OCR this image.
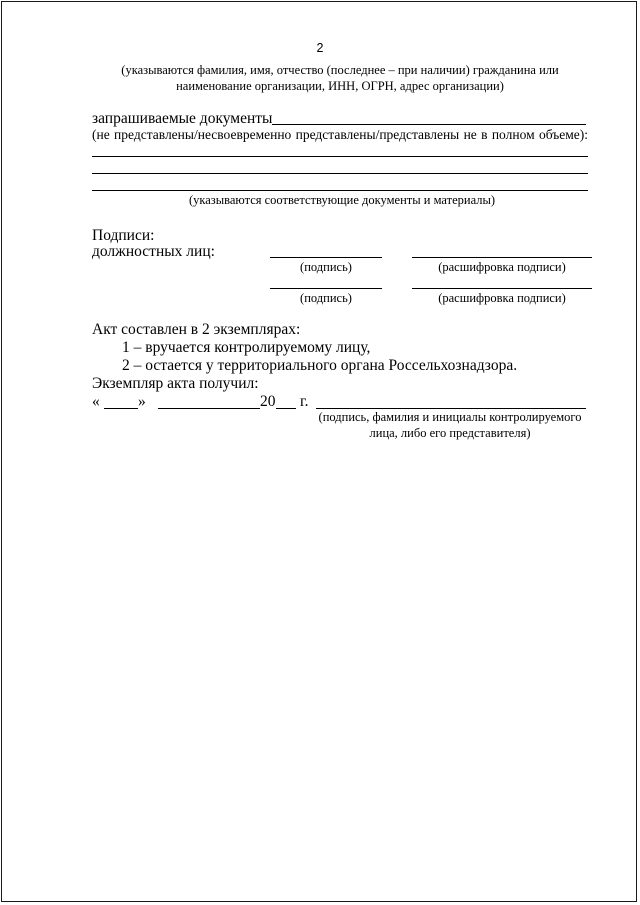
2
(указываются фамилия, имя, отчество (последнее – при наличии) гражданина или
наименование организации, ИНН, ОГРН, адрес организации)
запрашиваемые документы
(не представлены/несвоевременно представлены/представлены не в полном объеме):
(указываются соответствующие документы и материалы)
Подписи:
должностных лиц:
(подпись)	(расшифровка подписи)
(подпись)	(расшифровка подписи)
Акт составлен в 2 экземплярах:
1 – вручается контролируемому лицу,
2 – остается у территориального органа Россельхознадзора.
Экземпляр акта получил:
« »	20 г.
(подпись, фамилия и инициалы контролируемого
лица, либо его представителя)
